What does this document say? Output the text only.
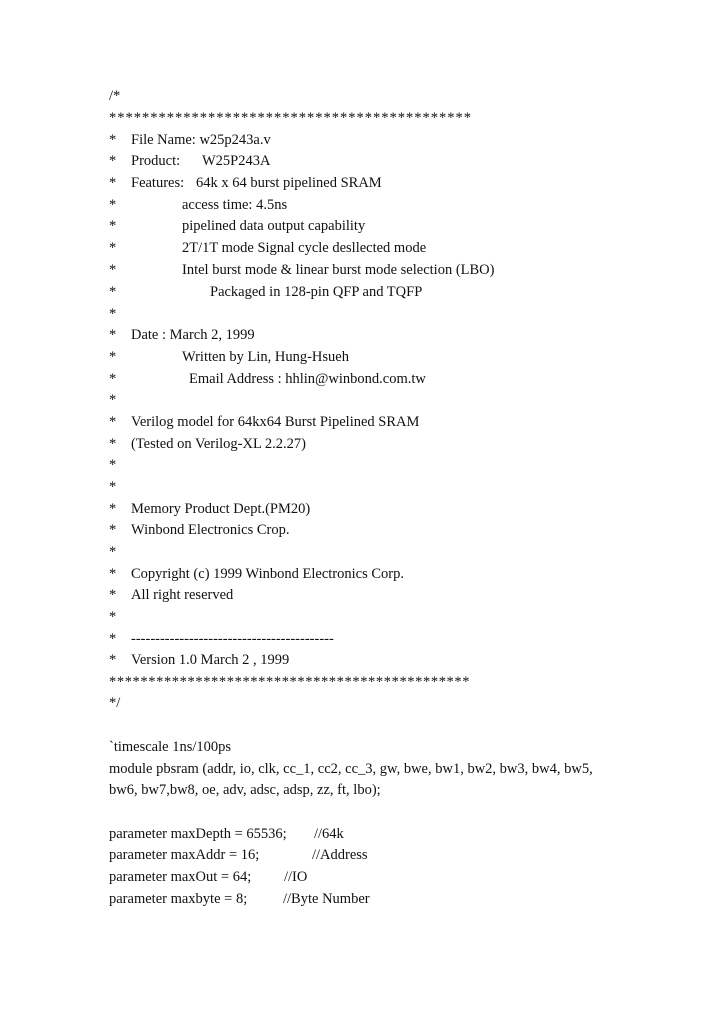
/*
********************************************
* File Name: w25p243a.v
* Product: W25P243A
* Features: 64k x 64 burst pipelined SRAM
*	access time: 4.5ns
*	pipelined data output capability
*	2T/1T mode Signal cycle desllected mode
*	Intel burst mode & linear burst mode selection (LBO)
*	Packaged in 128-pin QFP and TQFP
*
* Date : March 2, 1999
*	Written by Lin, Hung-Hsueh
*	Email Address : hhlin@winbond.com.tw
*
* Verilog model for 64kx64 Burst Pipelined SRAM
* (Tested on Verilog-XL 2.2.27)
*
*
* Memory Product Dept.(PM20)
* Winbond Electronics Crop.
*
* Copyright (c) 1999 Winbond Electronics Corp.
* All right reserved
*
* ------------------------------------------
* Version 1.0 March 2 , 1999
**********************************************
*/
`timescale 1ns/100ps
module pbsram (addr, io, clk, cc_1, cc2, cc_3, gw, bwe, bw1, bw2, bw3, bw4, bw5,
bw6, bw7,bw8, oe, adv, adsc, adsp, zz, ft, lbo);
parameter maxDepth = 65536; //64k
parameter maxAddr = 16;	//Address
parameter maxOut = 64; //IO
parameter maxbyte = 8; //Byte Number
